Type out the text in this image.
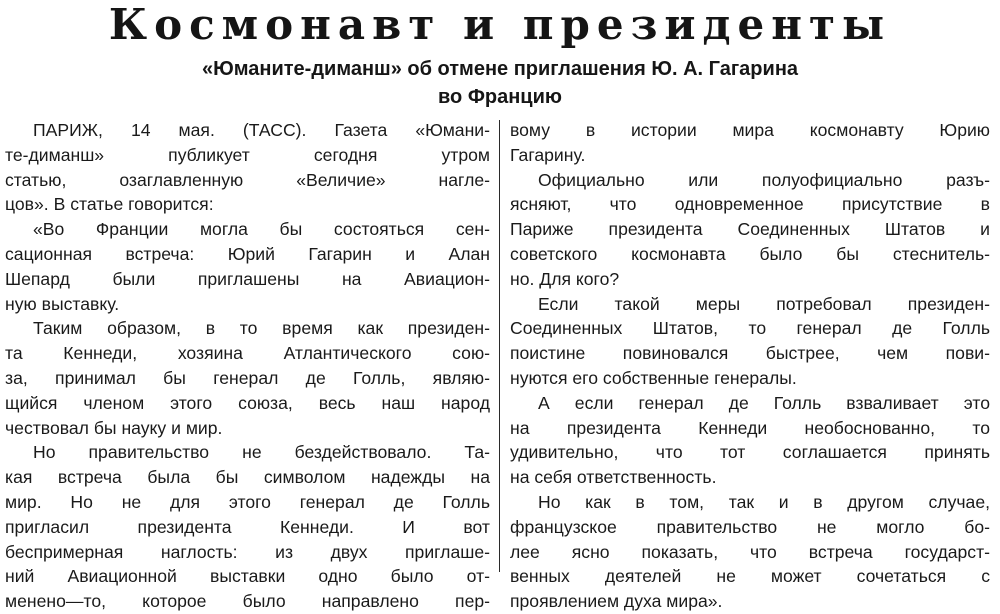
Космонавт и президенты
«Юманите-диманш» об отмене приглашения Ю. А. Гагарина
во Францию
ПАРИЖ, 14 мая. (ТАСС). Газета «Юмани-
те-диманш» публикует сегодня утром
статью, озаглавленную «Величие» нагле-
цов». В статье говорится:
«Во Франции могла бы состояться сен-
сационная встреча: Юрий Гагарин и Алан
Шепард были приглашены на Авиацион-
ную выставку.
Таким образом, в то время как президен-
та Кеннеди, хозяина Атлантического сою-
за, принимал бы генерал де Голль, являю-
щийся членом этого союза, весь наш народ
чествовал бы науку и мир.
Но правительство не бездействовало. Та-
кая встреча была бы символом надежды на
мир. Но не для этого генерал де Голль
пригласил президента Кеннеди. И вот
беспримерная наглость: из двух приглаше-
ний Авиационной выставки одно было от-
менено—то, которое было направлено пер-
вому в истории мира космонавту Юрию
Гагарину.
Официально или полуофициально разъ-
ясняют, что одновременное присутствие в
Париже президента Соединенных Штатов и
советского космонавта было бы стеснитель-
но. Для кого?
Если такой меры потребовал президен-
Соединенных Штатов, то генерал де Голль
поистине повиновался быстрее, чем пови-
нуются его собственные генералы.
А если генерал де Голль взваливает это
на президента Кеннеди необоснованно, то
удивительно, что тот соглашается принять
на себя ответственность.
Но как в том, так и в другом случае,
французское правительство не могло бо-
лее ясно показать, что встреча государст-
венных деятелей не может сочетаться с
проявлением духа мира».
